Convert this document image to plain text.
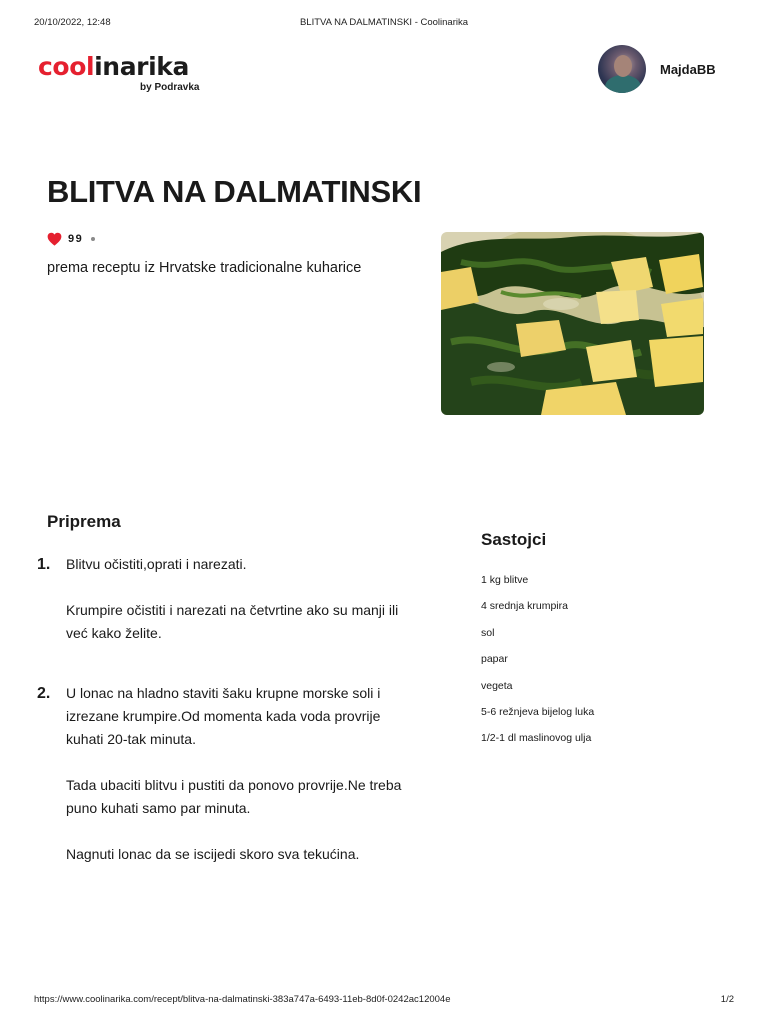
20/10/2022, 12:48	BLITVA NA DALMATINSKI - Coolinarika
coolinarika
by Podravka
MajdaBB
BLITVA NA DALMATINSKI
99
prema receptu iz Hrvatske tradicionalne kuharice
Priprema
1. Blitvu očistiti,oprati i narezati.
Krumpire očistiti i narezati na četvrtine ako su manji ili već kako želite.
2. U lonac na hladno staviti šaku krupne morske soli i izrezane krumpire.Od momenta kada voda provrije kuhati 20-tak minuta.
Tada ubaciti blitvu i pustiti da ponovo provrije.Ne treba puno kuhati samo par minuta.
Nagnuti lonac da se iscijedi skoro sva tekućina.
Sastojci
1 kg blitve
4 srednja krumpira
sol
papar
vegeta
5-6 režnjeva bijelog luka
1/2-1 dl maslinovog ulja
https://www.coolinarika.com/recept/blitva-na-dalmatinski-383a747a-6493-11eb-8d0f-0242ac12004e	1/2
